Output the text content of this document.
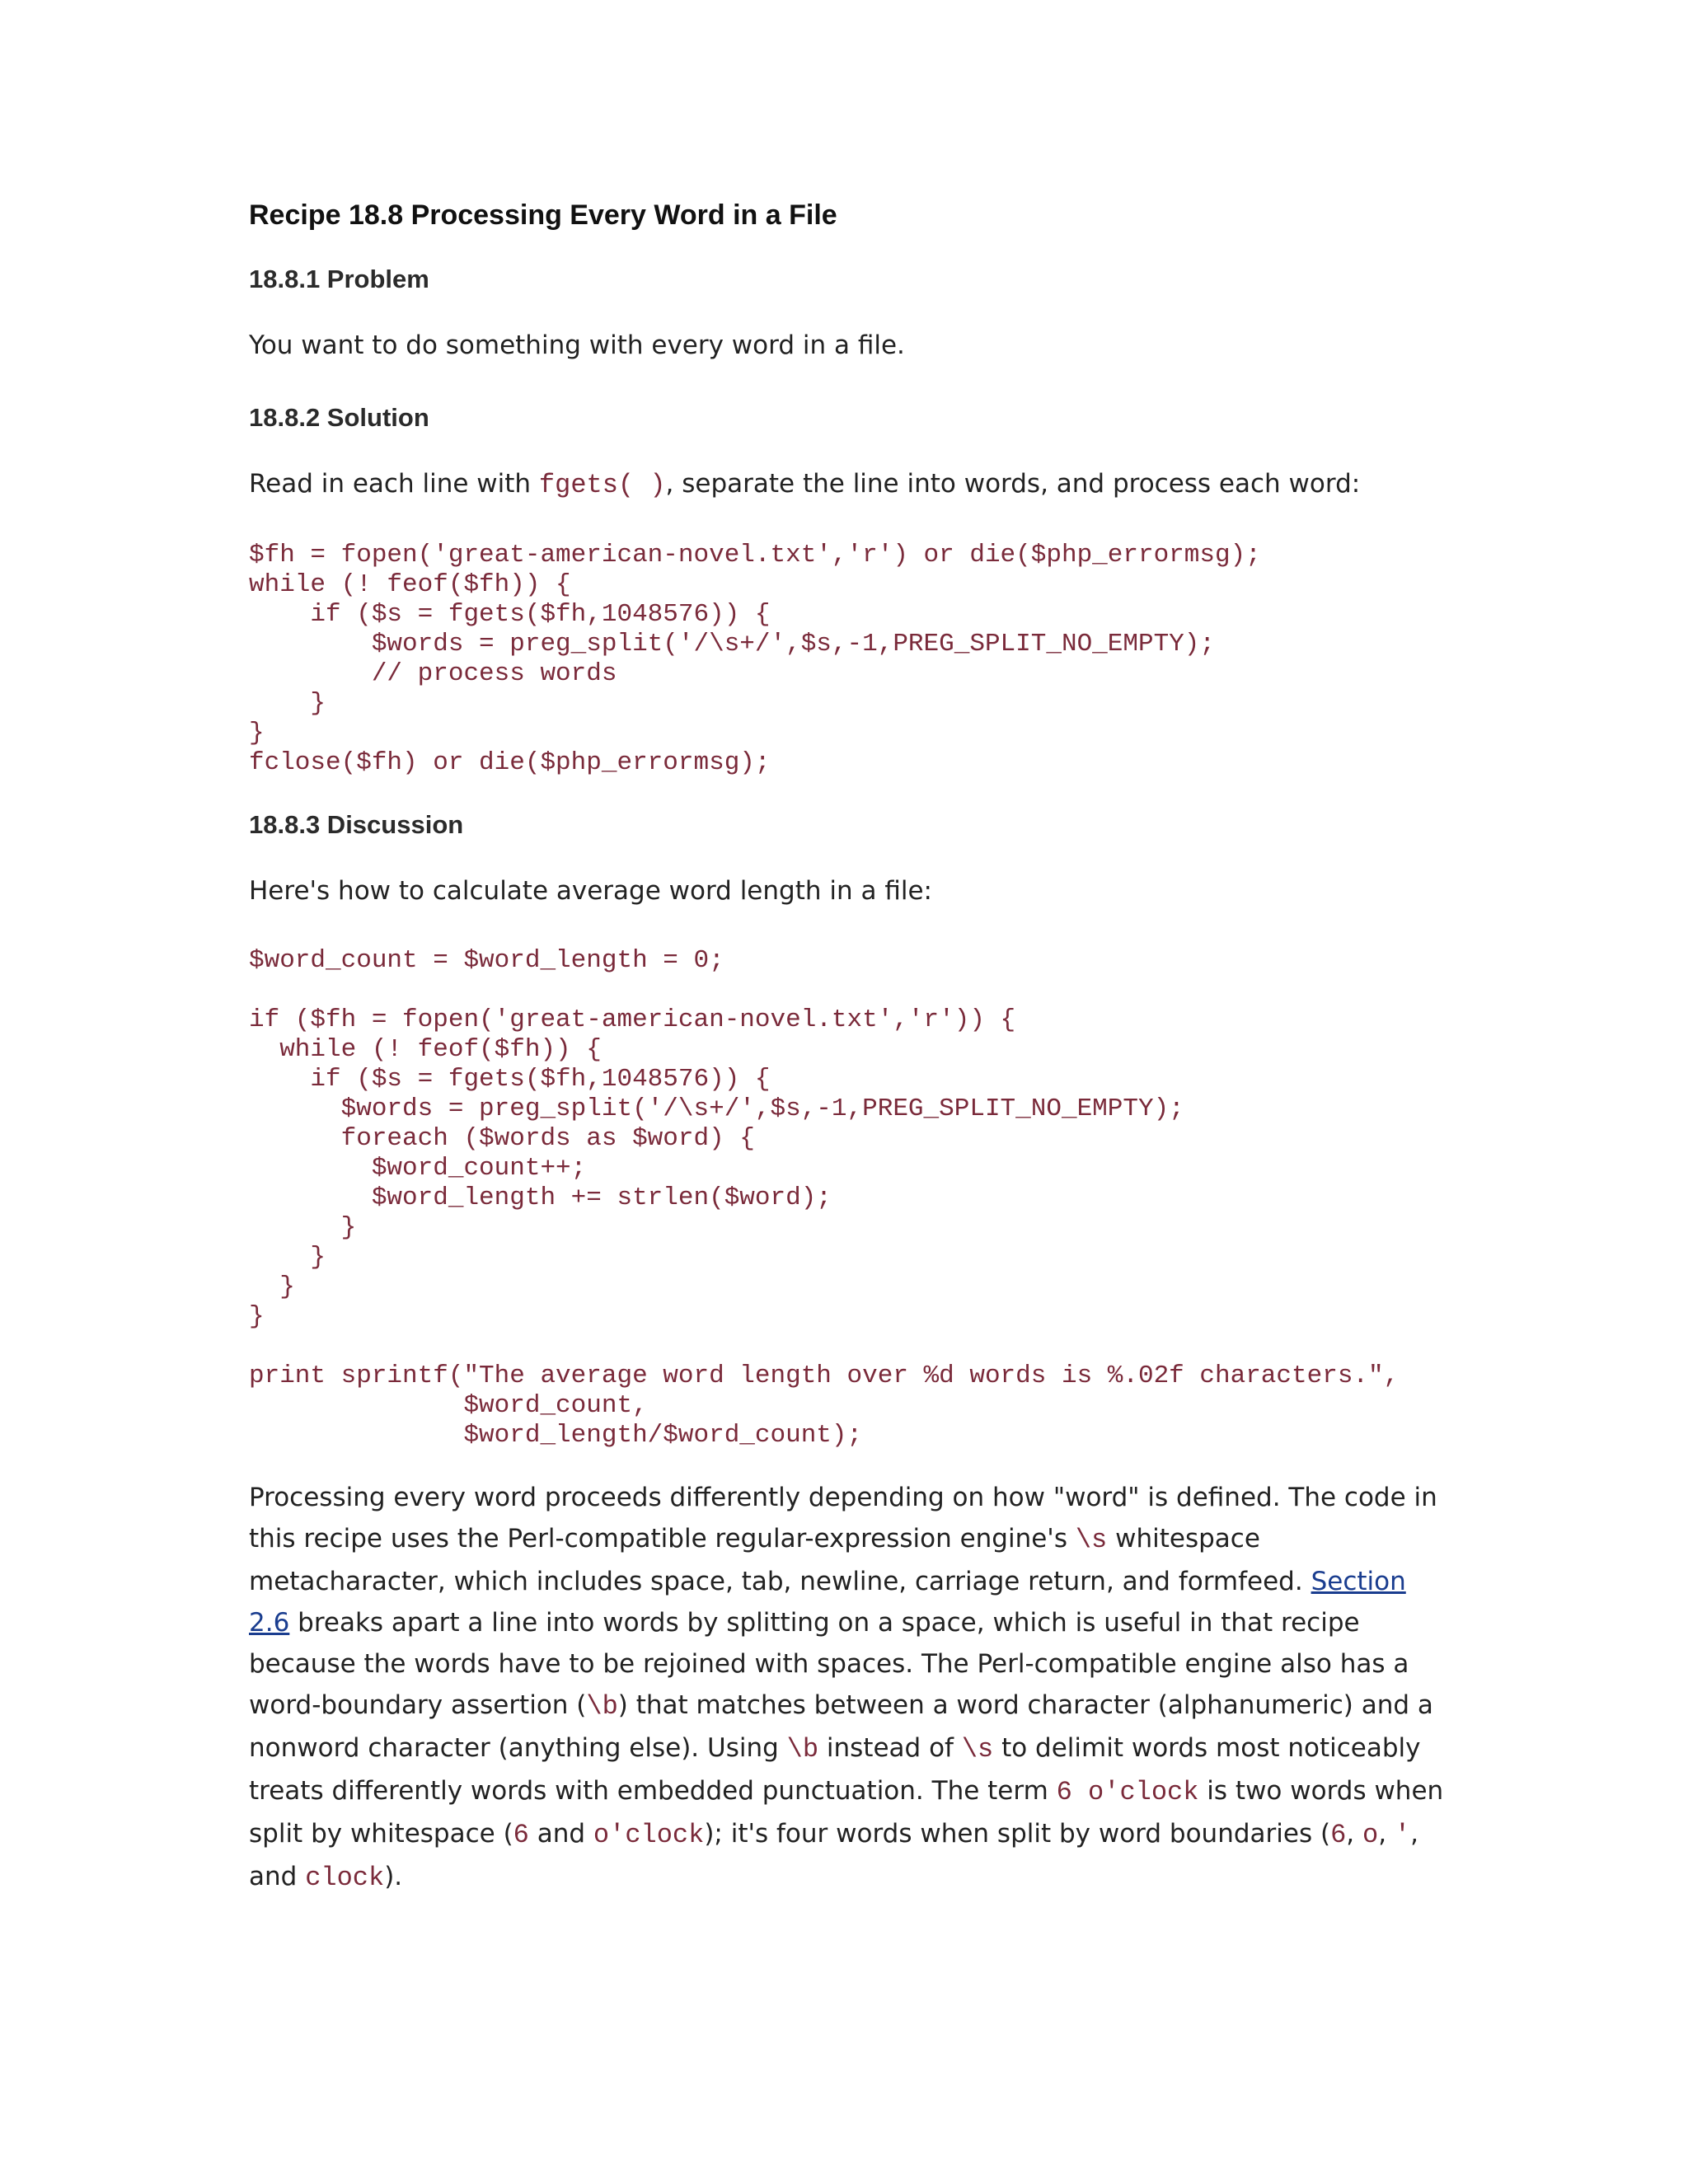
Recipe 18.8 Processing Every Word in a File
18.8.1 Problem

You want to do something with every word in a file.

18.8.2 Solution

Read in each line with fgets( ), separate the line into words, and process each word:

$fh = fopen('great-american-novel.txt','r') or die($php_errormsg);
while (! feof($fh)) {
if ($s = fgets($fh,1048576)) {
$words = preg_split('/\s+/',$s,-1,PREG_SPLIT_NO_EMPTY);
// process words
}
}
fclose($fh) or die($php_errormsg);
18.8.3 Discussion

Here's how to calculate average word length in a file:

$word_count = $word_length = 0;
if ($fh = fopen('great-american-novel.txt','r')) {
while (! feof($fh)) {
if ($s = fgets($fh,1048576)) {
$words = preg_split('/\s+/',$s,-1,PREG_SPLIT_NO_EMPTY);
foreach ($words as $word) {
$word_count++;
$word_length += strlen($word);
}
}
}
}
print sprintf("The average word length over %d words is %.02f characters.",
$word_count,
$word_length/$word_count);

Processing every word proceeds differently depending on how "word" is defined. The code in this recipe uses the Perl-compatible regular-expression engine's \s whitespace metacharacter, which includes space, tab, newline, carriage return, and formfeed. Section 2.6 breaks apart a line into words by splitting on a space, which is useful in that recipe because the words have to be rejoined with spaces. The Perl-compatible engine also has a word-boundary assertion (\b) that matches between a word character (alphanumeric) and a nonword character (anything else). Using \b instead of \s to delimit words most noticeably treats differently words with embedded punctuation. The term 6 o'clock is two words when split by whitespace (6 and o'clock); it's four words when split by word boundaries (6, o, ', and clock).
